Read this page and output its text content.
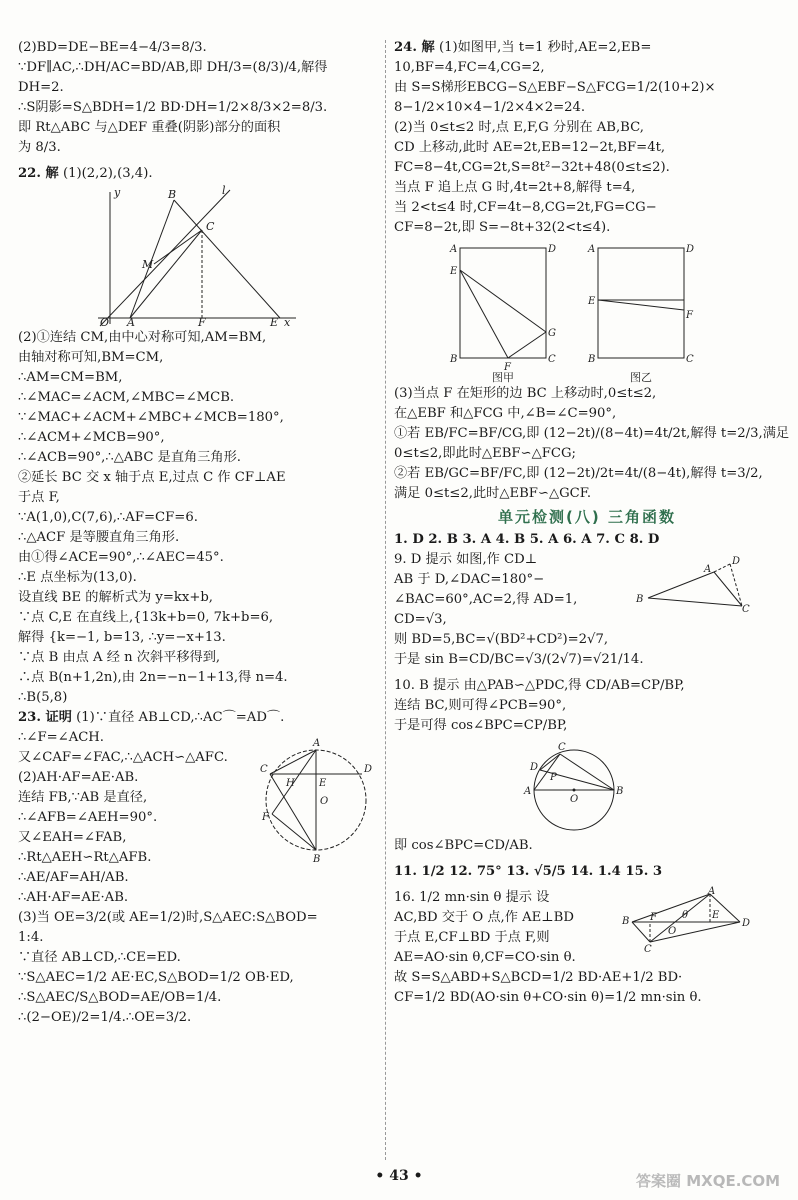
(2)BD=DE−BE=4−4/3=8/3.

∵DF∥AC,∴DH/AC=BD/AB,即 DH/3=(8/3)/4,解得

DH=2.

∴S阴影=S△BDH=1/2 BD·DH=1/2×8/3×2=8/3.

即 Rt△ABC 与△DEF 重叠(阴影)部分的面积

为 8/3.

22. 解 (1)(2,2),(3,4).

y	l
B
C
M
O A	F	E x

(2)①连结 CM,由中心对称可知,AM=BM,

由轴对称可知,BM=CM,

∴AM=CM=BM,

∴∠MAC=∠ACM,∠MBC=∠MCB.

∵∠MAC+∠ACM+∠MBC+∠MCB=180°,

∴∠ACM+∠MCB=90°,

∴∠ACB=90°,∴△ABC 是直角三角形.

②延长 BC 交 x 轴于点 E,过点 C 作 CF⊥AE

于点 F,

∵A(1,0),C(7,6),∴AF=CF=6.

∴△ACF 是等腰直角三角形.

由①得∠ACE=90°,∴∠AEC=45°.

∴E 点坐标为(13,0).

设直线 BE 的解析式为 y=kx+b,

∵点 C,E 在直线上,{13k+b=0, 7k+b=6,

解得 {k=−1, b=13, ∴y=−x+13.

∵点 B 由点 A 经 n 次斜平移得到,

∴点 B(n+1,2n),由 2n=−n−1+13,得 n=4.

∴B(5,8)

23. 证明 (1)∵直径 AB⊥CD,∴AC⌒=AD⌒.

∴∠F=∠ACH.

又∠CAF=∠FAC,∴△ACH∽△AFC.

(2)AH·AF=AE·AB.

连结 FB,∵AB 是直径,

∴∠AFB=∠AEH=90°.

又∠EAH=∠FAB,

∴Rt△AEH∽Rt△AFB.

∴AE/AF=AH/AB.

∴AH·AF=AE·AB.

A
C	D
H E
O
F
B

(3)当 OE=3/2(或 AE=1/2)时,S△AEC:S△BOD=

1:4.

∵直径 AB⊥CD,∴CE=ED.

∵S△AEC=1/2 AE·EC,S△BOD=1/2 OB·ED,

∴S△AEC/S△BOD=AE/OB=1/4.

∴(2−OE)/2=1/4.∴OE=3/2.

24. 解 (1)如图甲,当 t=1 秒时,AE=2,EB=

10,BF=4,FC=4,CG=2,

由 S=S梯形EBCG−S△EBF−S△FCG=1/2(10+2)×

8−1/2×10×4−1/2×4×2=24.

(2)当 0≤t≤2 时,点 E,F,G 分别在 AB,BC,

CD 上移动,此时 AE=2t,EB=12−2t,BF=4t,

FC=8−4t,CG=2t,S=8t²−32t+48(0≤t≤2).

当点 F 追上点 G 时,4t=2t+8,解得 t=4,

当 2<t≤4 时,CF=4t−8,CG=2t,FG=CG−

CF=8−2t,即 S=−8t+32(2<t≤4).

A	D
E
G
B
F
C
图甲
A	D
E
F
B	C
图乙

(3)当点 F 在矩形的边 BC 上移动时,0≤t≤2,

在△EBF 和△FCG 中,∠B=∠C=90°,

①若 EB/FC=BF/CG,即 (12−2t)/(8−4t)=4t/2t,解得 t=2/3,满足

0≤t≤2,即此时△EBF∽△FCG;

②若 EB/GC=BF/FC,即 (12−2t)/2t=4t/(8−4t),解得 t=3/2,

满足 0≤t≤2,此时△EBF∽△GCF.

单元检测(八) 三角函数

1. D 2. B 3. A 4. B 5. A 6. A 7. C 8. D

9. D 提示 如图,作 CD⊥

AB 于 D,∠DAC=180°−

∠BAC=60°,AC=2,得 AD=1,

CD=√3,

则 BD=5,BC=√(BD²+CD²)=2√7,

于是 sin B=CD/BC=√3/(2√7)=√21/14.

A
D
B
C

10. B 提示 由△PAB∽△PDC,得 CD/AB=CP/BP,

连结 BC,则可得∠PCB=90°,

于是可得 cos∠BPC=CP/BP,

C
D
P
A
O
B

即 cos∠BPC=CD/AB.

11. 1/2 12. 75° 13. √5/5 14. 1.4 15. 3

16. 1/2 mn·sin θ 提示 设

AC,BD 交于 O 点,作 AE⊥BD

于点 E,CF⊥BD 于点 F,则

AE=AO·sin θ,CF=CO·sin θ.

故 S=S△ABD+S△BCD=1/2 BD·AE+1/2 BD·

CF=1/2 BD(AO·sin θ+CO·sin θ)=1/2 mn·sin θ.

A
B F	θ E
D
O
C
• 43 •	答案圈 MXQE.COM
